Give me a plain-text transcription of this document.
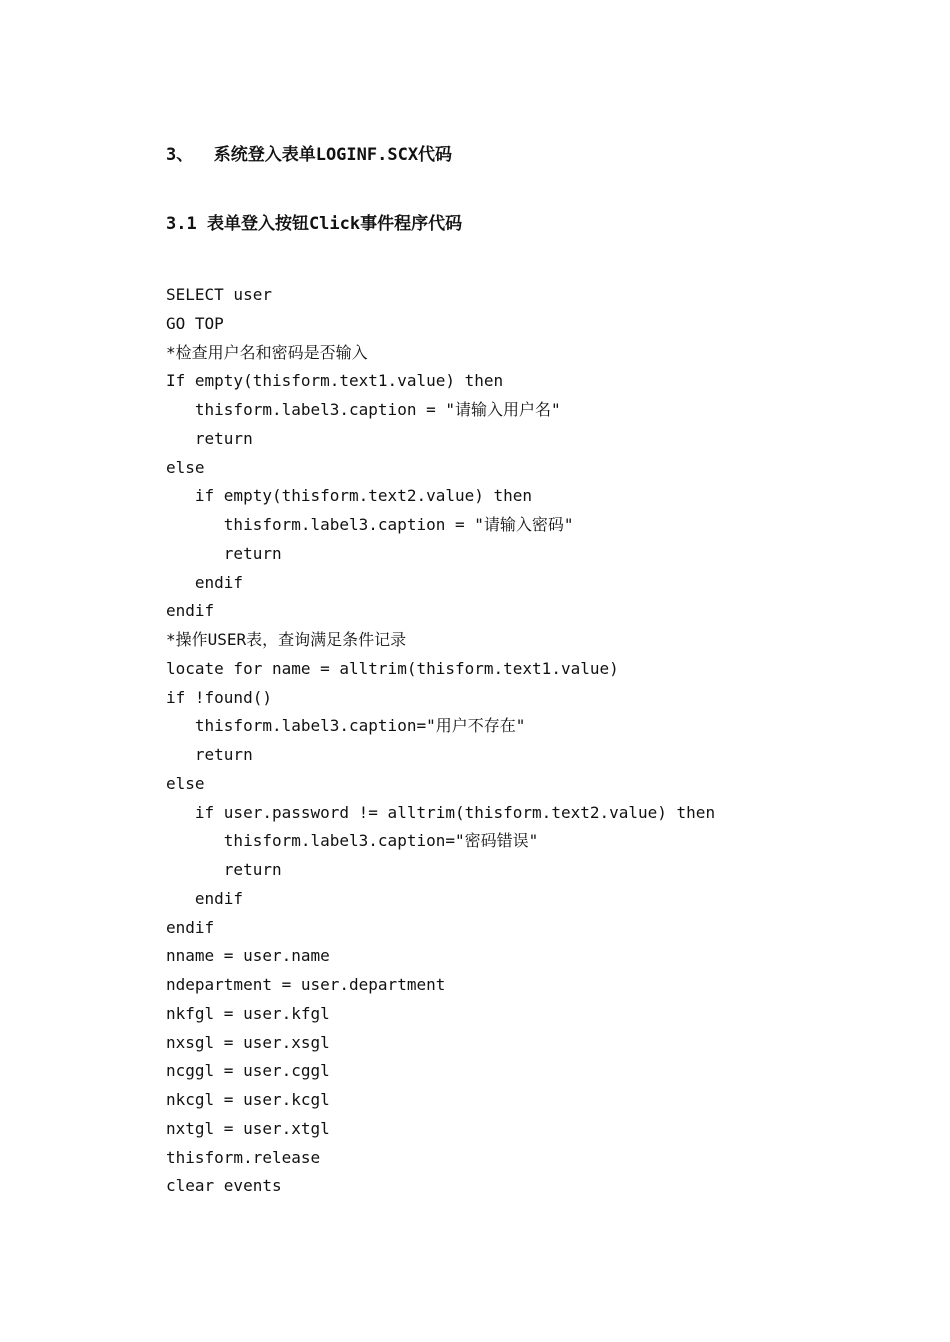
3、  系统登入表单LOGINF.SCX代码
3.1 表单登入按钮Click事件程序代码
SELECT user
GO TOP
*检查用户名和密码是否输入
If empty(thisform.text1.value) then
thisform.label3.caption = "请输入用户名"
return
else
if empty(thisform.text2.value) then
thisform.label3.caption = "请输入密码"
return
endif
endif
*操作USER表，查询满足条件记录
locate for name = alltrim(thisform.text1.value)
if !found()
thisform.label3.caption="用户不存在"
return
else
if user.password != alltrim(thisform.text2.value) then
thisform.label3.caption="密码错误"
return
endif
endif
nname = user.name
ndepartment = user.department
nkfgl = user.kfgl
nxsgl = user.xsgl
ncggl = user.cggl
nkcgl = user.kcgl
nxtgl = user.xtgl
thisform.release
clear events
